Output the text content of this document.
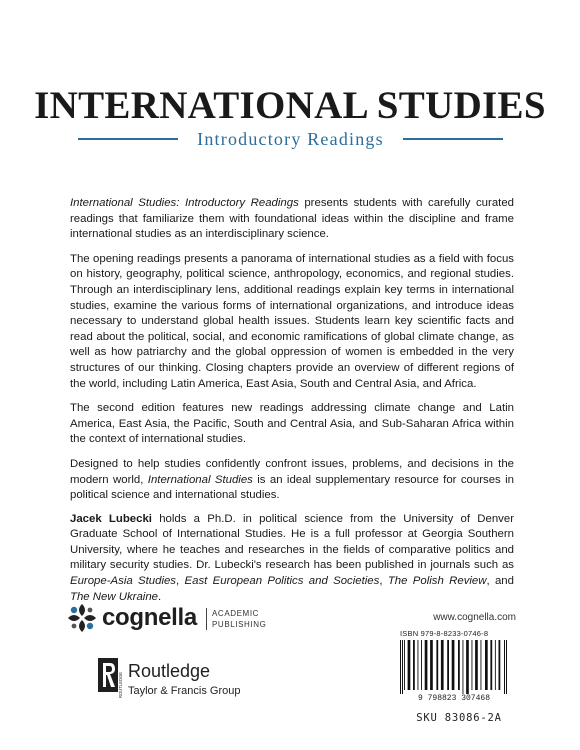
INTERNATIONAL STUDIES
Introductory Readings

International Studies: Introductory Readings presents students with carefully curated readings that familiarize them with foundational ideas within the discipline and frame international studies as an interdisciplinary science.

The opening readings presents a panorama of international studies as a field with focus on history, geography, political science, anthropology, economics, and regional studies. Through an interdisciplinary lens, additional readings explain key terms in international studies, examine the various forms of international organizations, and introduce ideas necessary to understand global health issues. Students learn key scientific facts and read about the political, social, and economic ramifications of global climate change, as well as how patriarchy and the global oppression of women is embedded in the very structures of our thinking. Closing chapters provide an overview of different regions of the world, including Latin America, East Asia, South and Central Asia, and Africa.

The second edition features new readings addressing climate change and Latin America, East Asia, the Pacific, South and Central Asia, and Sub-Saharan Africa within the context of international studies.

Designed to help studies confidently confront issues, problems, and decisions in the modern world, International Studies is an ideal supplementary resource for courses in political science and international studies.

Jacek Lubecki holds a Ph.D. in political science from the University of Denver Graduate School of International Studies. He is a full professor at Georgia Southern University, where he teaches and researches in the fields of comparative politics and military security studies. Dr. Lubecki's research has been published in journals such as Europe-Asia Studies, East European Politics and Societies, The Polish Review, and The New Ukraine.

cognella ACADEMIC
PUBLISHING
ROUTLEDGE
Routledge
Taylor & Francis Group
www.cognella.com
ISBN 979-8-8233-0746-8
9 798823 307468
SKU 83086-2A
